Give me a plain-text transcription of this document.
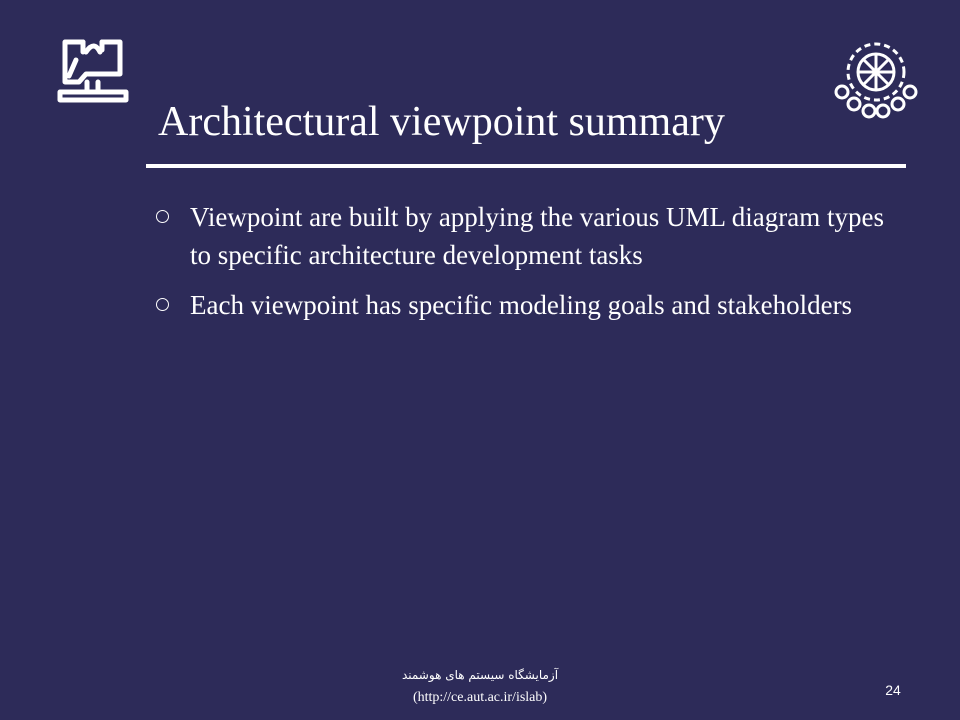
Architectural viewpoint summary
Viewpoint are built by applying the various UML diagram types to specific architecture development tasks
Each viewpoint has specific modeling goals and stakeholders
آزمایشگاه سیستم های هوشمند
(http://ce.aut.ac.ir/islab)	24
